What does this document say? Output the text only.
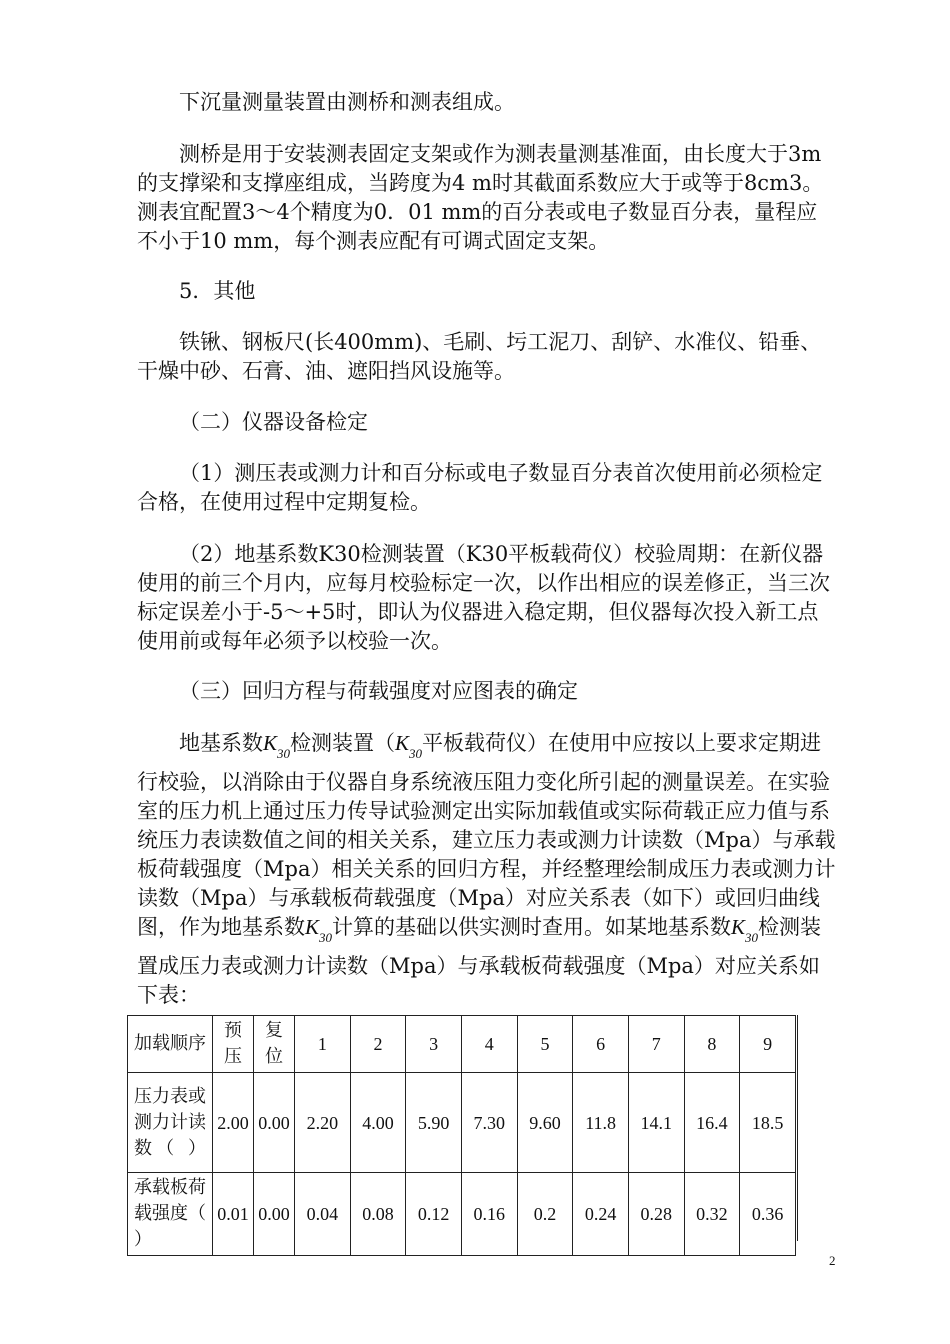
下沉量测量装置由测桥和测表组成。

测桥是用于安装测表固定支架或作为测表量测基准面，由长度大于3m的支撑梁和支撑座组成，当跨度为4 m时其截面系数应大于或等于8cm3。测表宜配置3～4个精度为0．01 mm的百分表或电子数显百分表，量程应不小于10 mm，每个测表应配有可调式固定支架。

5．其他

铁锹、钢板尺(长400mm)、毛刷、圬工泥刀、刮铲、水准仪、铅垂、干燥中砂、石膏、油、遮阳挡风设施等。

（二）仪器设备检定

（1）测压表或测力计和百分标或电子数显百分表首次使用前必须检定合格，在使用过程中定期复检。

（2）地基系数K30检测装置（K30平板载荷仪）校验周期：在新仪器使用的前三个月内，应每月校验标定一次，以作出相应的误差修正，当三次标定误差小于-5～+5时，即认为仪器进入稳定期，但仪器每次投入新工点使用前或每年必须予以校验一次。

（三）回归方程与荷载强度对应图表的确定

地基系数$K_{30}$检测装置（$K_{30}$平板载荷仪）在使用中应按以上要求定期进行校验，以消除由于仪器自身系统液压阻力变化所引起的测量误差。在实验室的压力机上通过压力传导试验测定出实际加载值或实际荷载正应力值与系统压力表读数值之间的相关关系，建立压力表或测力计读数（Mpa）与承载板荷载强度（Mpa）相关关系的回归方程，并经整理绘制成压力表或测力计读数（Mpa）与承载板荷载强度（Mpa）对应关系表（如下）或回归曲线图，作为地基系数$K_{30}$计算的基础以供实测时查用。如某地基系数$K_{30}$检测装置成压力表或测力计读数（Mpa）与承载板荷载强度（Mpa）对应关系如下表：

加载顺序	预压	复位	1	2	3	4	5	6	7	8	9
压力表或测力计读数（ ）	2.00	0.00	2.20	4.00	5.90	7.30	9.60	11.8	14.1	16.4	18.5
承载板荷载强度（ ）	0.01	0.00	0.04	0.08	0.12	0.16	0.2	0.24	0.28	0.32	0.36
2
